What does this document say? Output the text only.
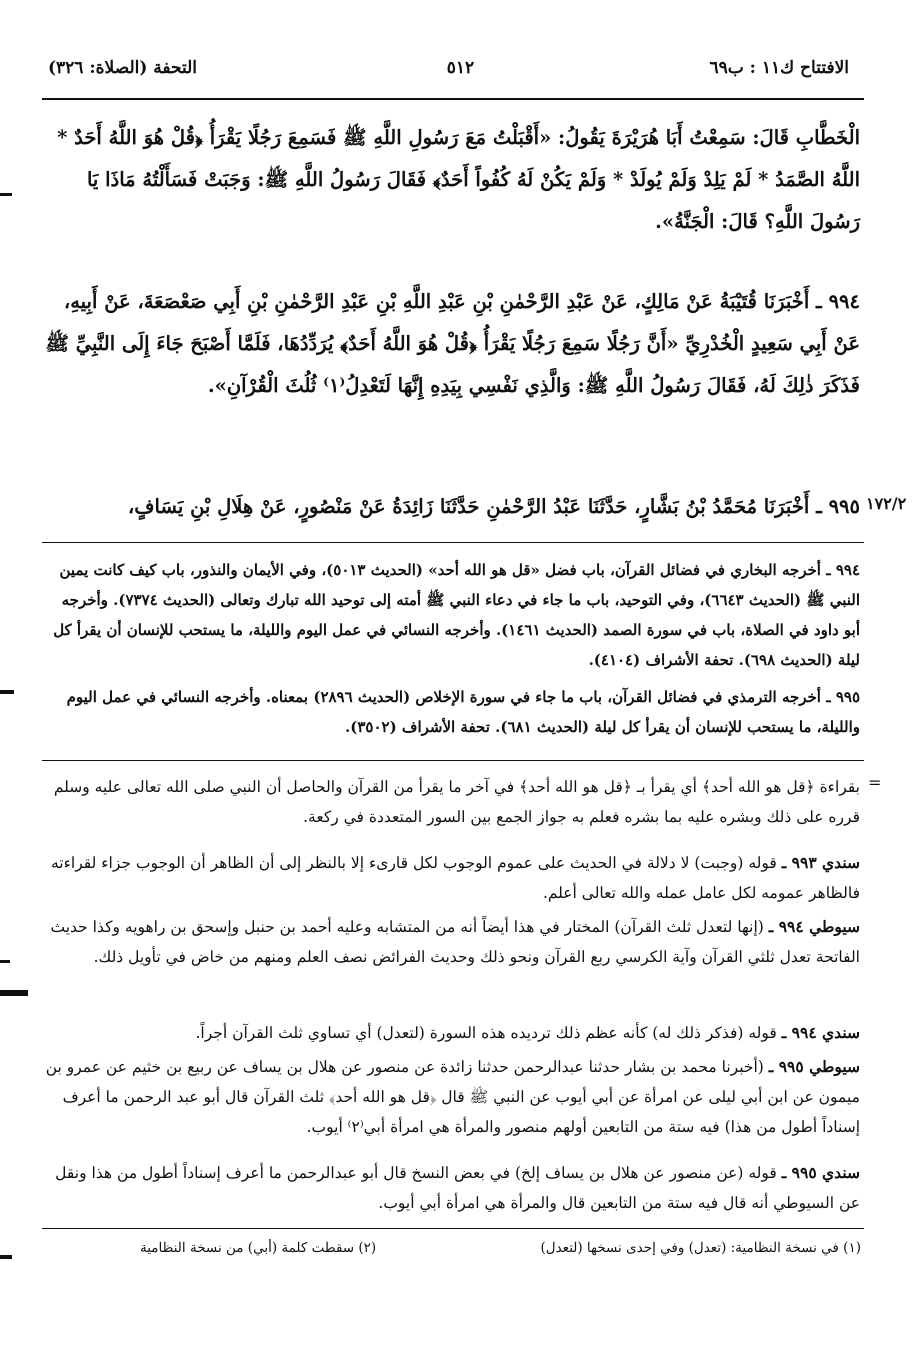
الافتتاح ك١١ : ب٦٩
٥١٢
التحفة (الصلاة: ٣٢٦)
الْخَطَّابِ قَالَ: سَمِعْتُ أَبَا هُرَيْرَةَ يَقُولُ: «أَقْبَلْتُ مَعَ رَسُولِ اللَّهِ ﷺ فَسَمِعَ رَجُلًا يَقْرَأُ ﴿قُلْ هُوَ اللَّهُ أَحَدٌ * اللَّهُ الصَّمَدُ * لَمْ يَلِدْ وَلَمْ يُولَدْ * وَلَمْ يَكُنْ لَهُ كُفُواً أَحَدٌ﴾ فَقَالَ رَسُولُ اللَّهِ ﷺ: وَجَبَتْ فَسَأَلْتُهُ مَاذَا يَا رَسُولَ اللَّهِ؟ قَالَ: الْجَنَّةُ».
٩٩٤ ـ أَخْبَرَنَا قُتَيْبَةُ عَنْ مَالِكٍ، عَنْ عَبْدِ الرَّحْمٰنِ بْنِ عَبْدِ اللَّهِ بْنِ عَبْدِ الرَّحْمٰنِ بْنِ أَبِي صَعْصَعَةَ، عَنْ أَبِيهِ، عَنْ أَبِي سَعِيدٍ الْخُدْرِيِّ «أَنَّ رَجُلًا سَمِعَ رَجُلًا يَقْرَأُ ﴿قُلْ هُوَ اللَّهُ أَحَدٌ﴾ يُرَدِّدُهَا، فَلَمَّا أَصْبَحَ جَاءَ إِلَى النَّبِيِّ ﷺ فَذَكَرَ ذٰلِكَ لَهُ، فَقَالَ رَسُولُ اللَّهِ ﷺ: وَالَّذِي نَفْسِي بِيَدِهِ إِنَّهَا لَتَعْدِلُ⁽١⁾ ثُلُثَ الْقُرْآنِ».
٩٩٥ ـ أَخْبَرَنَا مُحَمَّدُ بْنُ بَشَّارٍ، حَدَّثَنَا عَبْدُ الرَّحْمٰنِ حَدَّثَنَا زَائِدَةُ عَنْ مَنْصُورٍ، عَنْ هِلَالِ بْنِ يَسَافٍ، ١٧٢/٢
٩٩٤ ـ أخرجه البخاري في فضائل القرآن، باب فضل «قل هو الله أحد» (الحديث ٥٠١٣)، وفي الأيمان والنذور، باب كيف كانت يمين النبي ﷺ (الحديث ٦٦٤٣)، وفي التوحيد، باب ما جاء في دعاء النبي ﷺ أمته إلى توحيد الله تبارك وتعالى (الحديث ٧٣٧٤). وأخرجه أبو داود في الصلاة، باب في سورة الصمد (الحديث ١٤٦١). وأخرجه النسائي في عمل اليوم والليلة، ما يستحب للإنسان أن يقرأ كل ليلة (الحديث ٦٩٨). تحفة الأشراف (٤١٠٤).
٩٩٥ ـ أخرجه الترمذي في فضائل القرآن، باب ما جاء في سورة الإخلاص (الحديث ٢٨٩٦) بمعناه. وأخرجه النسائي في عمل اليوم والليلة، ما يستحب للإنسان أن يقرأ كل ليلة (الحديث ٦٨١). تحفة الأشراف (٣٥٠٢).
=
بقراءة ﴿قل هو الله أحد﴾ أي يقرأ بـ ﴿قل هو الله أحد﴾ في آخر ما يقرأ من القرآن والحاصل أن النبي صلى الله تعالى عليه وسلم قرره على ذلك وبشره عليه بما بشره فعلم به جواز الجمع بين السور المتعددة في ركعة.
سندي ٩٩٣ ـ قوله (وجبت) لا دلالة في الحديث على عموم الوجوب لكل قارىء إلا بالنظر إلى أن الظاهر أن الوجوب جزاء لقراءته فالظاهر عمومه لكل عامل عمله والله تعالى أعلم.
سيوطي ٩٩٤ ـ (إنها لتعدل ثلث القرآن) المختار في هذا أيضاً أنه من المتشابه وعليه أحمد بن حنبل وإسحق بن راهويه وكذا حديث الفاتحة تعدل ثلثي القرآن وآية الكرسي ربع القرآن ونحو ذلك وحديث الفرائض نصف العلم ومنهم من خاض في تأويل ذلك.
سندي ٩٩٤ ـ قوله (فذكر ذلك له) كأنه عظم ذلك ترديده هذه السورة (لتعدل) أي تساوي ثلث القرآن أجراً.
سيوطي ٩٩٥ ـ (أخبرنا محمد بن بشار حدثنا عبدالرحمن حدثنا زائدة عن منصور عن هلال بن يساف عن ربيع بن خثيم عن عمرو بن ميمون عن ابن أبي ليلى عن امرأة عن أبي أيوب عن النبي ﷺ قال ﴿قل هو الله أحد﴾ ثلث القرآن قال أبو عبد الرحمن ما أعرف إسناداً أطول من هذا) فيه ستة من التابعين أولهم منصور والمرأة هي امرأة أبي⁽٢⁾ أيوب.
سندي ٩٩٥ ـ قوله (عن منصور عن هلال بن يساف إلخ) في بعض النسخ قال أبو عبدالرحمن ما أعرف إسناداً أطول من هذا ونقل عن السيوطي أنه قال فيه ستة من التابعين قال والمرأة هي امرأة أبي أيوب.
(١) في نسخة النظامية: (تعدل) وفي إحدى نسخها (لتعدل)
(٢) سقطت كلمة (أبي) من نسخة النظامية
